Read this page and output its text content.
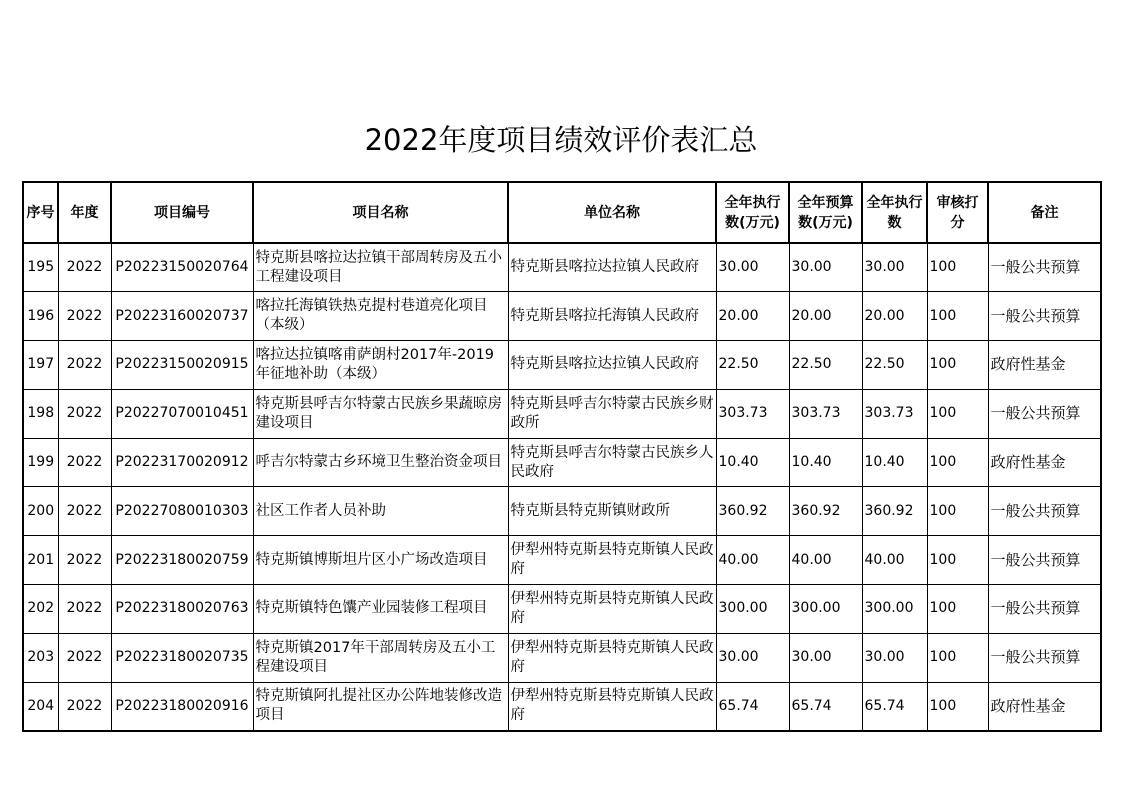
2022年度项目绩效评价表汇总
序号	年度	项目编号	项目名称	单位名称	全年执行数(万元)	全年预算数(万元)	全年执行数	审核打分	备注
195	2022	P20223150020764	特克斯县喀拉达拉镇干部周转房及五小工程建设项目	特克斯县喀拉达拉镇人民政府	30.00	30.00	30.00	100	一般公共预算
196	2022	P20223160020737	喀拉托海镇铁热克提村巷道亮化项目（本级）	特克斯县喀拉托海镇人民政府	20.00	20.00	20.00	100	一般公共预算
197	2022	P20223150020915	喀拉达拉镇喀甫萨朗村2017年-2019年征地补助（本级）	特克斯县喀拉达拉镇人民政府	22.50	22.50	22.50	100	政府性基金
198	2022	P20227070010451	特克斯县呼吉尔特蒙古民族乡果蔬晾房建设项目	特克斯县呼吉尔特蒙古民族乡财政所	303.73	303.73	303.73	100	一般公共预算
199	2022	P20223170020912	呼吉尔特蒙古乡环境卫生整治资金项目	特克斯县呼吉尔特蒙古民族乡人民政府	10.40	10.40	10.40	100	政府性基金
200	2022	P20227080010303	社区工作者人员补助	特克斯县特克斯镇财政所	360.92	360.92	360.92	100	一般公共预算
201	2022	P20223180020759	特克斯镇博斯坦片区小广场改造项目	伊犁州特克斯县特克斯镇人民政府	40.00	40.00	40.00	100	一般公共预算
202	2022	P20223180020763	特克斯镇特色馕产业园装修工程项目	伊犁州特克斯县特克斯镇人民政府	300.00	300.00	300.00	100	一般公共预算
203	2022	P20223180020735	特克斯镇2017年干部周转房及五小工程建设项目	伊犁州特克斯县特克斯镇人民政府	30.00	30.00	30.00	100	一般公共预算
204	2022	P20223180020916	特克斯镇阿扎提社区办公阵地装修改造项目	伊犁州特克斯县特克斯镇人民政府	65.74	65.74	65.74	100	政府性基金
